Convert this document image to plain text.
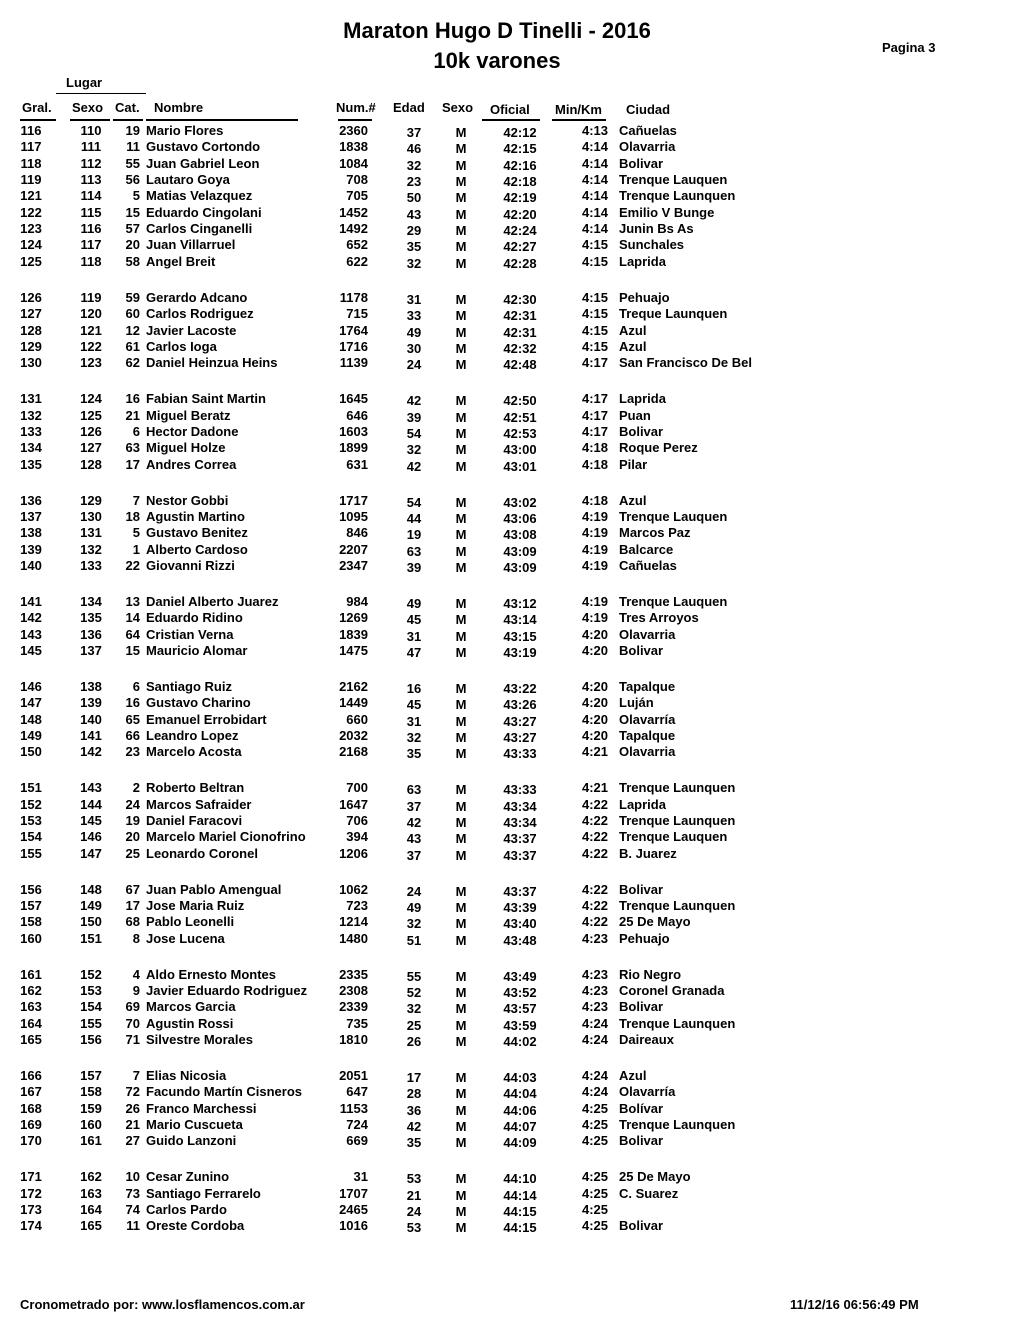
Maraton Hugo D Tinelli - 2016
10k varones
Pagina 3
Lugar
Gral. Sexo Cat. Nombre	Num.# Edad Sexo Oficial Min/Km Ciudad
116	110	19 Mario Flores	2360	37	M	42:12	4:13 Cañuelas
117	111	11 Gustavo Cortondo	1838	46	M	42:15	4:14 Olavarria
118	112	55 Juan Gabriel Leon	1084	32	M	42:16	4:14 Bolivar
119	113	56 Lautaro Goya	708	23	M	42:18	4:14 Trenque Lauquen
121	114	5 Matias Velazquez	705	50	M	42:19	4:14 Trenque Launquen
122	115	15 Eduardo Cingolani	1452	43	M	42:20	4:14 Emilio V Bunge
123	116	57 Carlos Cinganelli	1492	29	M	42:24	4:14 Junin Bs As
124	117	20 Juan Villarruel	652	35	M	42:27	4:15 Sunchales
125	118	58 Angel Breit	622	32	M	42:28	4:15 Laprida
126	119	59 Gerardo Adcano	1178	31	M	42:30	4:15 Pehuajo
127	120	60 Carlos Rodriguez	715	33	M	42:31	4:15 Treque Launquen
128	121	12 Javier Lacoste	1764	49	M	42:31	4:15 Azul
129	122	61 Carlos Ioga	1716	30	M	42:32	4:15 Azul
130	123	62 Daniel Heinzua Heins	1139	24	M	42:48	4:17 San Francisco De Bel
131	124	16 Fabian Saint Martin	1645	42	M	42:50	4:17 Laprida
132	125	21 Miguel Beratz	646	39	M	42:51	4:17 Puan
133	126	6 Hector Dadone	1603	54	M	42:53	4:17 Bolivar
134	127	63 Miguel Holze	1899	32	M	43:00	4:18 Roque Perez
135	128	17 Andres Correa	631	42	M	43:01	4:18 Pilar
136	129	7 Nestor Gobbi	1717	54	M	43:02	4:18 Azul
137	130	18 Agustin Martino	1095	44	M	43:06	4:19 Trenque Lauquen
138	131	5 Gustavo Benitez	846	19	M	43:08	4:19 Marcos Paz
139	132	1 Alberto Cardoso	2207	63	M	43:09	4:19 Balcarce
140	133	22 Giovanni Rizzi	2347	39	M	43:09	4:19 Cañuelas
141	134	13 Daniel Alberto Juarez	984	49	M	43:12	4:19 Trenque Lauquen
142	135	14 Eduardo Ridino	1269	45	M	43:14	4:19 Tres Arroyos
143	136	64 Cristian Verna	1839	31	M	43:15	4:20 Olavarria
145	137	15 Mauricio Alomar	1475	47	M	43:19	4:20 Bolivar
146	138	6 Santiago Ruiz	2162	16	M	43:22	4:20 Tapalque
147	139	16 Gustavo Charino	1449	45	M	43:26	4:20 Luján
148	140	65 Emanuel Errobidart	660	31	M	43:27	4:20 Olavarría
149	141	66 Leandro Lopez	2032	32	M	43:27	4:20 Tapalque
150	142	23 Marcelo Acosta	2168	35	M	43:33	4:21 Olavarria
151	143	2 Roberto Beltran	700	63	M	43:33	4:21 Trenque Launquen
152	144	24 Marcos Safraider	1647	37	M	43:34	4:22 Laprida
153	145	19 Daniel Faracovi	706	42	M	43:34	4:22 Trenque Launquen
154	146	20 Marcelo Mariel Cionofrino	394	43	M	43:37	4:22 Trenque Lauquen
155	147	25 Leonardo Coronel	1206	37	M	43:37	4:22 B. Juarez
156	148	67 Juan Pablo Amengual	1062	24	M	43:37	4:22 Bolivar
157	149	17 Jose Maria Ruiz	723	49	M	43:39	4:22 Trenque Launquen
158	150	68 Pablo Leonelli	1214	32	M	43:40	4:22 25 De Mayo
160	151	8 Jose Lucena	1480	51	M	43:48	4:23 Pehuajo
161	152	4 Aldo Ernesto Montes	2335	55	M	43:49	4:23 Rio Negro
162	153	9 Javier Eduardo Rodriguez	2308	52	M	43:52	4:23 Coronel Granada
163	154	69 Marcos Garcia	2339	32	M	43:57	4:23 Bolivar
164	155	70 Agustin Rossi	735	25	M	43:59	4:24 Trenque Launquen
165	156	71 Silvestre Morales	1810	26	M	44:02	4:24 Daireaux
166	157	7 Elias Nicosia	2051	17	M	44:03	4:24 Azul
167	158	72 Facundo Martín Cisneros	647	28	M	44:04	4:24 Olavarría
168	159	26 Franco Marchessi	1153	36	M	44:06	4:25 Bolívar
169	160	21 Mario Cuscueta	724	42	M	44:07	4:25 Trenque Launquen
170	161	27 Guido Lanzoni	669	35	M	44:09	4:25 Bolivar
171	162	10 Cesar Zunino	31	53	M	44:10	4:25 25 De Mayo
172	163	73 Santiago Ferrarelo	1707	21	M	44:14	4:25 C. Suarez
173	164	74 Carlos Pardo	2465	24	M	44:15	4:25
174	165	11 Oreste Cordoba	1016	53	M	44:15	4:25 Bolivar
Cronometrado por: www.losflamencos.com.ar	11/12/16 06:56:49 PM
